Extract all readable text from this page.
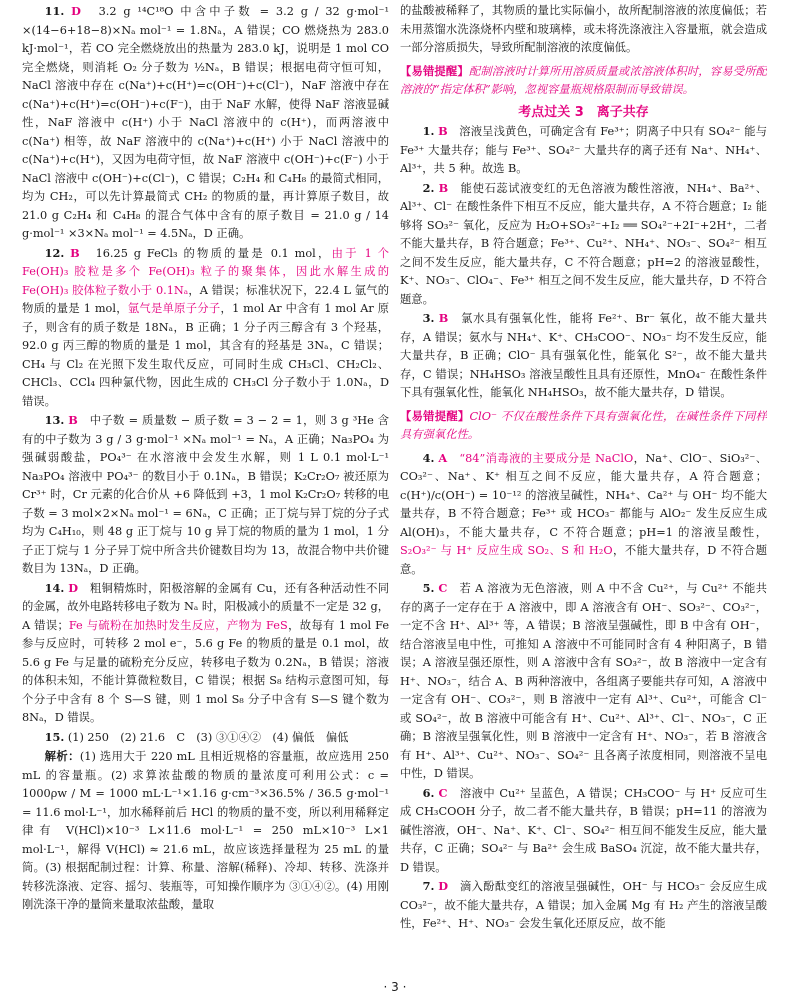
11. D　 3.2 g ¹⁴C¹⁸O 中含中子数 = 3.2 g / 32 g·mol⁻¹ ×(14−6+18−8)×Nₐ mol⁻¹ = 1.8Nₐ，A 错误；CO 燃烧热为 283.0 kJ·mol⁻¹，若 CO 完全燃烧放出的热量为 283.0 kJ，说明是 1 mol CO 完全燃烧，则消耗 O₂ 分子数为 ½Nₐ，B 错误；根据电荷守恒可知，NaCl 溶液中存在 c(Na⁺)+c(H⁺)=c(OH⁻)+c(Cl⁻)，NaF 溶液中存在 c(Na⁺)+c(H⁺)=c(OH⁻)+c(F⁻)，由于 NaF 水解，使得 NaF 溶液显碱性，NaF 溶液中 c(H⁺) 小于 NaCl 溶液中的 c(H⁺)，而两溶液中 c(Na⁺) 相等，故 NaF 溶液中的 c(Na⁺)+c(H⁺) 小于 NaCl 溶液中的 c(Na⁺)+c(H⁺)，又因为电荷守恒，故 NaF 溶液中 c(OH⁻)+c(F⁻) 小于 NaCl 溶液中 c(OH⁻)+c(Cl⁻)，C 错误；C₂H₄ 和 C₄H₈ 的最简式相同，均为 CH₂，可以先计算最简式 CH₂ 的物质的量，再计算原子数目，故 21.0 g C₂H₄ 和 C₄H₈ 的混合气体中含有的原子数目 = 21.0 g / 14 g·mol⁻¹ ×3×Nₐ mol⁻¹ = 4.5Nₐ，D 正确。

12. B　 16.25 g FeCl₃ 的物质的量是 0.1 mol，由于 1 个 Fe(OH)₃ 胶粒是多个 Fe(OH)₃ 粒子的聚集体，因此水解生成的 Fe(OH)₃ 胶体粒子数小于 0.1Nₐ，A 错误；标准状况下，22.4 L 氩气的物质的量是 1 mol，氩气是单原子分子，1 mol Ar 中含有 1 mol Ar 原子，则含有的质子数是 18Nₐ，B 正确；1 分子丙三醇含有 3 个羟基，92.0 g 丙三醇的物质的量是 1 mol，其含有的羟基是 3Nₐ，C 错误；CH₄ 与 Cl₂ 在光照下发生取代反应，可同时生成 CH₃Cl、CH₂Cl₂、CHCl₃、CCl₄ 四种氯代物，因此生成的 CH₃Cl 分子数小于 1.0Nₐ，D 错误。

13. B　 中子数 = 质量数 − 质子数 = 3 − 2 = 1，则 3 g ³He 含有的中子数为 3 g / 3 g·mol⁻¹ ×Nₐ mol⁻¹ = Nₐ，A 正确；Na₃PO₄ 为强碱弱酸盐，PO₄³⁻ 在水溶液中会发生水解，则 1 L 0.1 mol·L⁻¹ Na₃PO₄ 溶液中 PO₄³⁻ 的数目小于 0.1Nₐ，B 错误；K₂Cr₂O₇ 被还原为 Cr³⁺ 时，Cr 元素的化合价从 +6 降低到 +3，1 mol K₂Cr₂O₇ 转移的电子数 = 3 mol×2×Nₐ mol⁻¹ = 6Nₐ，C 正确；正丁烷与异丁烷的分子式均为 C₄H₁₀，则 48 g 正丁烷与 10 g 异丁烷的物质的量为 1 mol，1 分子正丁烷与 1 分子异丁烷中所含共价键数目均为 13，故混合物中共价键数目为 13Nₐ，D 正确。

14. D　 粗铜精炼时，阳极溶解的金属有 Cu，还有各种活动性不同的金属，故外电路转移电子数为 Nₐ 时，阳极减小的质量不一定是 32 g，A 错误；Fe 与硫粉在加热时发生反应，产物为 FeS，故每有 1 mol Fe 参与反应时，可转移 2 mol e⁻，5.6 g Fe 的物质的量是 0.1 mol，故 5.6 g Fe 与足量的硫粉充分反应，转移电子数为 0.2Nₐ，B 错误；溶液的体积未知，不能计算微粒数目，C 错误；根据 S₈ 结构示意图可知，每个分子中含有 8 个 S—S 键，则 1 mol S₈ 分子中含有 S—S 键个数为 8Nₐ，D 错误。

15. (1) 250　(2) 21.6　C　(3) ③①④②　(4) 偏低　偏低

解析：(1) 选用大于 220 mL 且相近规格的容量瓶，故应选用 250 mL 的容量瓶。(2) 求算浓盐酸的物质的量浓度可利用公式：c = 1000ρw / M = 1000 mL·L⁻¹×1.16 g·cm⁻³×36.5% / 36.5 g·mol⁻¹ = 11.6 mol·L⁻¹，加水稀释前后 HCl 的物质的量不变，所以利用稀释定律有 V(HCl)×10⁻³ L×11.6 mol·L⁻¹ = 250 mL×10⁻³ L×1 mol·L⁻¹，解得 V(HCl) ≈ 21.6 mL，故应该选择量程为 25 mL 的量筒。(3) 根据配制过程：计算、称量、溶解(稀释)、冷却、转移、洗涤并转移洗涤液、定容、摇匀、装瓶等，可知操作顺序为 ③①④②。(4) 用刚刚洗涤干净的量筒来量取浓盐酸，量取

的盐酸被稀释了，其物质的量比实际偏小，故所配制溶液的浓度偏低；若未用蒸馏水洗涤烧杯内壁和玻璃棒，或未将洗涤液注入容量瓶，就会造成一部分溶质损失，导致所配制溶液的浓度偏低。

【易错提醒】配制溶液时计算所用溶质质量或浓溶液体积时，容易受所配溶液的“指定体积”影响，忽视容量瓶规格限制而导致错误。

考点过关 3　离子共存

1. B　 溶液呈浅黄色，可确定含有 Fe³⁺；阴离子中只有 SO₄²⁻ 能与 Fe³⁺ 大量共存；能与 Fe³⁺、SO₄²⁻ 大量共存的离子还有 Na⁺、NH₄⁺、Al³⁺，共 5 种。故选 B。

2. B　 能使石蕊试液变红的无色溶液为酸性溶液，NH₄⁺、Ba²⁺、Al³⁺、Cl⁻ 在酸性条件下相互不反应，能大量共存，A 不符合题意；I₂ 能够将 SO₃²⁻ 氧化，反应为 H₂O+SO₃²⁻+I₂ ══ SO₄²⁻+2I⁻+2H⁺，二者不能大量共存，B 符合题意；Fe³⁺、Cu²⁺、NH₄⁺、NO₃⁻、SO₄²⁻ 相互之间不发生反应，能大量共存，C 不符合题意；pH=2 的溶液显酸性，K⁺、NO₃⁻、ClO₄⁻、Fe³⁺ 相互之间不发生反应，能大量共存，D 不符合题意。

3. B　 氯水具有强氧化性，能将 Fe²⁺、Br⁻ 氧化，故不能大量共存，A 错误；氨水与 NH₄⁺、K⁺、CH₃COO⁻、NO₃⁻ 均不发生反应，能大量共存，B 正确；ClO⁻ 具有强氧化性，能氧化 S²⁻，故不能大量共存，C 错误；NH₄HSO₃ 溶液呈酸性且具有还原性，MnO₄⁻ 在酸性条件下具有强氧化性，能氧化 NH₄HSO₃，故不能大量共存，D 错误。

【易错提醒】ClO⁻ 不仅在酸性条件下具有强氧化性，在碱性条件下同样具有强氧化性。

4. A　 “84”消毒液的主要成分是 NaClO，Na⁺、ClO⁻、SiO₃²⁻、CO₃²⁻、Na⁺、K⁺ 相互之间不反应，能大量共存，A 符合题意；c(H⁺)/c(OH⁻) = 10⁻¹² 的溶液呈碱性，NH₄⁺、Ca²⁺ 与 OH⁻ 均不能大量共存，B 不符合题意；Fe³⁺ 或 HCO₃⁻ 都能与 AlO₂⁻ 发生反应生成 Al(OH)₃，不能大量共存，C 不符合题意；pH=1 的溶液呈酸性，S₂O₃²⁻ 与 H⁺ 反应生成 SO₂、S 和 H₂O，不能大量共存，D 不符合题意。

5. C　 若 A 溶液为无色溶液，则 A 中不含 Cu²⁺，与 Cu²⁺ 不能共存的离子一定存在于 A 溶液中，即 A 溶液含有 OH⁻、SO₃²⁻、CO₃²⁻，一定不含 H⁺、Al³⁺ 等，A 错误；B 溶液呈强碱性，即 B 中含有 OH⁻，结合溶液呈电中性，可推知 A 溶液中不可能同时含有 4 种阳离子，B 错误；A 溶液呈强还原性，则 A 溶液中含有 SO₃²⁻，故 B 溶液中一定含有 H⁺、NO₃⁻，结合 A、B 两种溶液中，各组离子要能共存可知，A 溶液中一定含有 OH⁻、CO₃²⁻，则 B 溶液中一定有 Al³⁺、Cu²⁺，可能含 Cl⁻ 或 SO₄²⁻，故 B 溶液中可能含有 H⁺、Cu²⁺、Al³⁺、Cl⁻、NO₃⁻，C 正确；B 溶液呈强氧化性，则 B 溶液中一定含有 H⁺、NO₃⁻，若 B 溶液含有 H⁺、Al³⁺、Cu²⁺、NO₃⁻、SO₄²⁻ 且各离子浓度相同，则溶液不呈电中性，D 错误。

6. C　 溶液中 Cu²⁺ 呈蓝色，A 错误；CH₃COO⁻ 与 H⁺ 反应可生成 CH₃COOH 分子，故二者不能大量共存，B 错误；pH=11 的溶液为碱性溶液，OH⁻、Na⁺、K⁺、Cl⁻、SO₄²⁻ 相互间不能发生反应，能大量共存，C 正确；SO₄²⁻ 与 Ba²⁺ 会生成 BaSO₄ 沉淀，故不能大量共存，D 错误。

7. D　 滴入酚酞变红的溶液呈强碱性，OH⁻ 与 HCO₃⁻ 会反应生成 CO₃²⁻，故不能大量共存，A 错误；加入金属 Mg 有 H₂ 产生的溶液呈酸性，Fe²⁺、H⁺、NO₃⁻ 会发生氧化还原反应，故不能

· 3 ·
